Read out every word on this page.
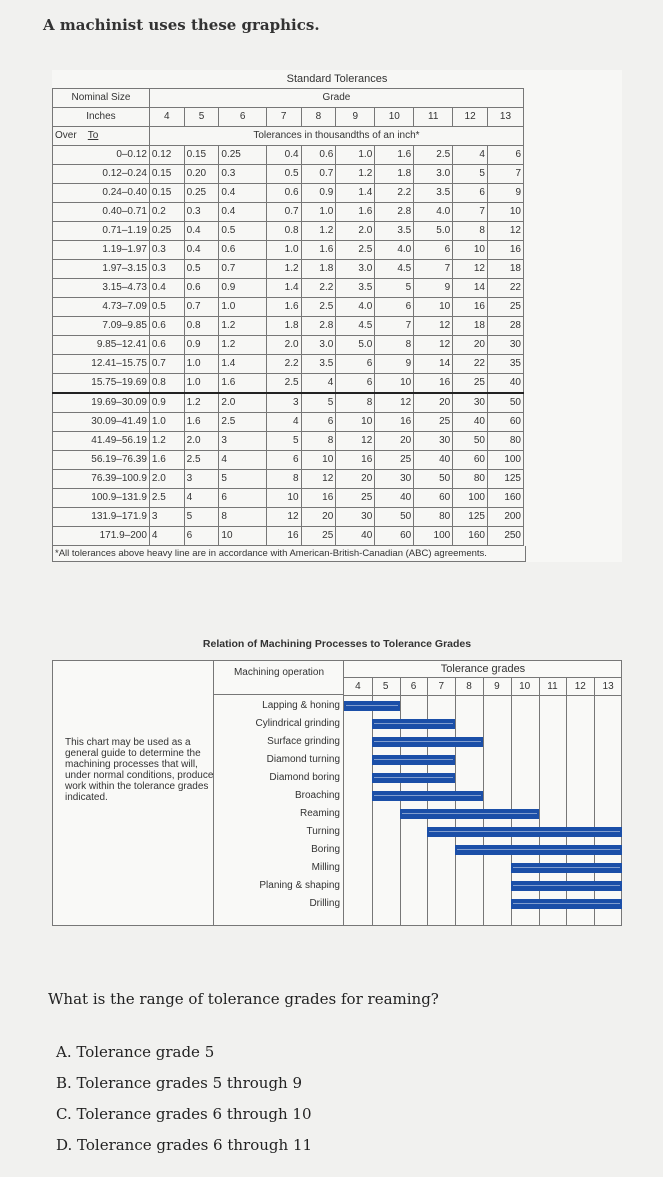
A machinist uses these graphics.
Standard Tolerances
Nominal Size	Grade									
Inches	4	5	6	7	8	9	10	11	12	13
Over To	Tolerances in thousandths of an inch*									
0–0.12	0.12	0.15	0.25	0.4	0.6	1.0	1.6	2.5	4	6
0.12–0.24	0.15	0.20	0.3	0.5	0.7	1.2	1.8	3.0	5	7
0.24–0.40	0.15	0.25	0.4	0.6	0.9	1.4	2.2	3.5	6	9
0.40–0.71	0.2	0.3	0.4	0.7	1.0	1.6	2.8	4.0	7	10
0.71–1.19	0.25	0.4	0.5	0.8	1.2	2.0	3.5	5.0	8	12
1.19–1.97	0.3	0.4	0.6	1.0	1.6	2.5	4.0	6	10	16
1.97–3.15	0.3	0.5	0.7	1.2	1.8	3.0	4.5	7	12	18
3.15–4.73	0.4	0.6	0.9	1.4	2.2	3.5	5	9	14	22
4.73–7.09	0.5	0.7	1.0	1.6	2.5	4.0	6	10	16	25
7.09–9.85	0.6	0.8	1.2	1.8	2.8	4.5	7	12	18	28
9.85–12.41	0.6	0.9	1.2	2.0	3.0	5.0	8	12	20	30
12.41–15.75	0.7	1.0	1.4	2.2	3.5	6	9	14	22	35
15.75–19.69	0.8	1.0	1.6	2.5	4	6	10	16	25	40
19.69–30.09	0.9	1.2	2.0	3	5	8	12	20	30	50
30.09–41.49	1.0	1.6	2.5	4	6	10	16	25	40	60
41.49–56.19	1.2	2.0	3	5	8	12	20	30	50	80
56.19–76.39	1.6	2.5	4	6	10	16	25	40	60	100
76.39–100.9	2.0	3	5	8	12	20	30	50	80	125
100.9–131.9	2.5	4	6	10	16	25	40	60	100	160
131.9–171.9	3	5	8	12	20	30	50	80	125	200
171.9–200	4	6	10	16	25	40	60	100	160	250
*All tolerances above heavy line are in accordance with American-British-Canadian (ABC) agreements.
Relation of Machining Processes to Tolerance Grades
This chart may be used as a general guide to determine the machining processes that will, under normal conditions, produce work within the tolerance grades indicated.
Machining operation
Lapping & honing
Cylindrical grinding
Surface grinding
Diamond turning
Diamond boring
Broaching
Reaming
Turning
Boring
Milling
Planing & shaping
Drilling
Tolerance grades
4	5	6	7	8	9	10	11	12	13
What is the range of tolerance grades for reaming?
A. Tolerance grade 5
B. Tolerance grades 5 through 9
C. Tolerance grades 6 through 10
D. Tolerance grades 6 through 11
